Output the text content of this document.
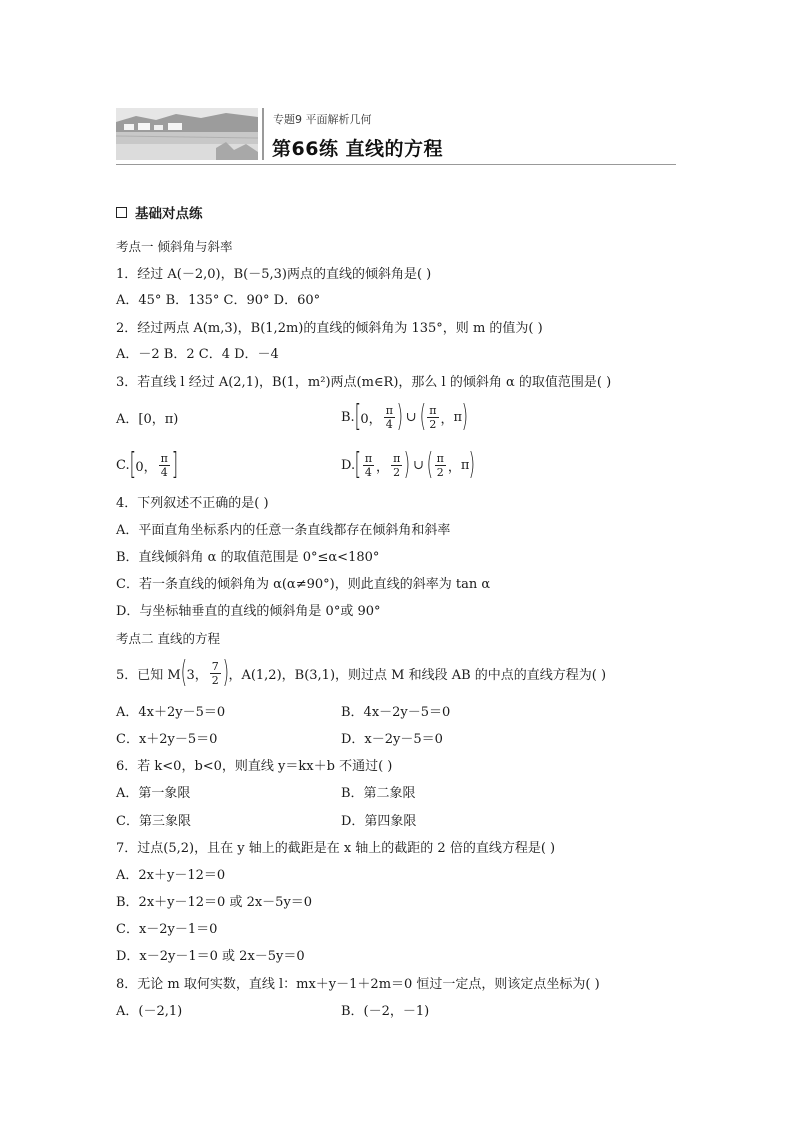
专题9 平面解析几何
第66练 直线的方程
基础对点练
考点一 倾斜角与斜率
1．经过 A(－2,0)，B(－5,3)两点的直线的倾斜角是( )
A．45° B．135° C．90° D．60°
2．经过两点 A(m,3)，B(1,2m)的直线的倾斜角为 135°，则 m 的值为( )
A．－2 B．2 C．4 D．－4
3．若直线 l 经过 A(2,1)，B(1，m²)两点(m∈R)，那么 l 的倾斜角 α 的取值范围是( )
A．[0，π)	B. [ 0， $\frac{\pi}{4}$ ) ∪ ( $\frac{\pi}{2}$ ， π )
C. [ 0， $\frac{\pi}{4}$ ]	D. [ $\frac{\pi}{4}$ ， $\frac{\pi}{2}$ ) ∪ ( $\frac{\pi}{2}$ ， π )
4．下列叙述不正确的是( )
A．平面直角坐标系内的任意一条直线都存在倾斜角和斜率
B．直线倾斜角 α 的取值范围是 0°≤α<180°
C．若一条直线的倾斜角为 α(α≠90°)，则此直线的斜率为 tan α
D．与坐标轴垂直的直线的倾斜角是 0°或 90°
考点二 直线的方程
5．已知 M ( 3， $\frac{7}{2}$ ) ，A(1,2)，B(3,1)，则过点 M 和线段 AB 的中点的直线方程为( )
A．4x＋2y－5＝0	B．4x－2y－5＝0
C．x＋2y－5＝0	D．x－2y－5＝0
6．若 k<0，b<0，则直线 y＝kx＋b 不通过( )
A．第一象限	B．第二象限
C．第三象限	D．第四象限
7．过点(5,2)，且在 y 轴上的截距是在 x 轴上的截距的 2 倍的直线方程是( )
A．2x＋y－12＝0
B．2x＋y－12＝0 或 2x－5y＝0
C．x－2y－1＝0
D．x－2y－1＝0 或 2x－5y＝0
8．无论 m 取何实数，直线 l：mx＋y－1＋2m＝0 恒过一定点，则该定点坐标为( )
A．(－2,1)	B．(－2，－1)
